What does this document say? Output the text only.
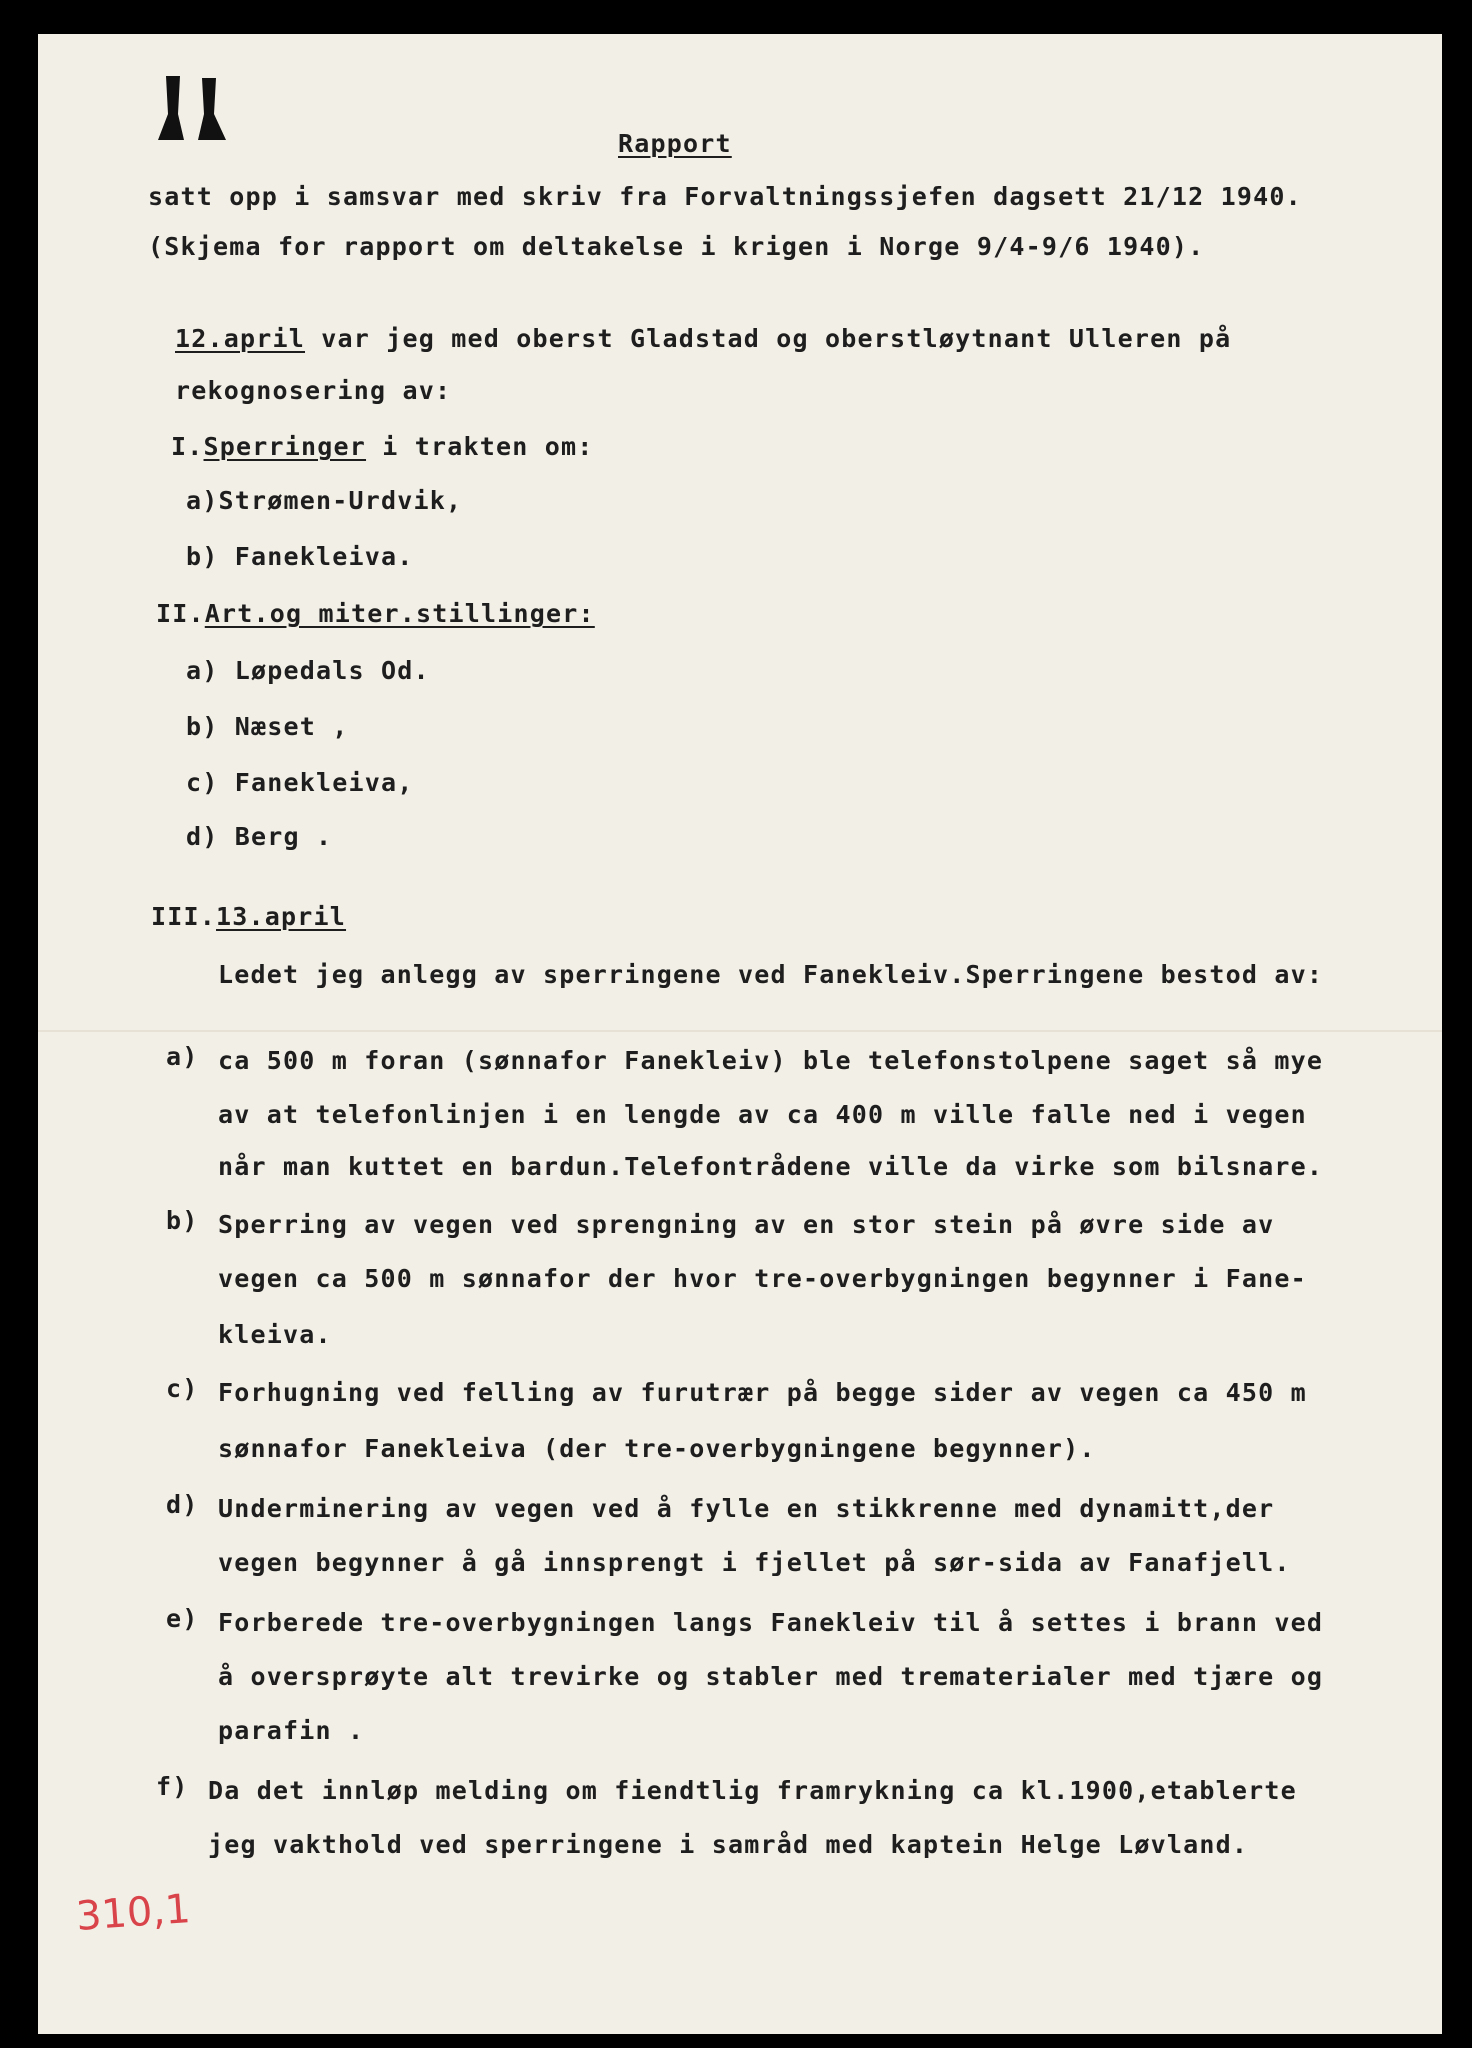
Rapport
satt opp i samsvar med skriv fra Forvaltningssjefen dagsett 21/12 1940.
(Skjema for rapport om deltakelse i krigen i Norge 9/4-9/6 1940).
12.april var jeg med oberst Gladstad og oberstløytnant Ulleren på
rekognosering av:
I.Sperringer i trakten om:
a)Strømen-Urdvik,
b) Fanekleiva.
II.Art.og miter.stillinger:
a) Løpedals Od.
b) Næset ,
c) Fanekleiva,
d) Berg .
III.13.april
Ledet jeg anlegg av sperringene ved Fanekleiv.Sperringene bestod av:
a) ca 500 m foran (sønnafor Fanekleiv) ble telefonstolpene saget så mye
av at telefonlinjen i en lengde av ca 400 m ville falle ned i vegen
når man kuttet en bardun.Telefontrådene ville da virke som bilsnare.
b) Sperring av vegen ved sprengning av en stor stein på øvre side av
vegen ca 500 m sønnafor der hvor tre-overbygningen begynner i Fane-
kleiva.
c) Forhugning ved felling av furutrær på begge sider av vegen ca 450 m
sønnafor Fanekleiva (der tre-overbygningene begynner).
d) Underminering av vegen ved å fylle en stikkrenne med dynamitt,der
vegen begynner å gå innsprengt i fjellet på sør-sida av Fanafjell.
e) Forberede tre-overbygningen langs Fanekleiv til å settes i brann ved
å oversprøyte alt trevirke og stabler med trematerialer med tjære og
parafin .
f) Da det innløp melding om fiendtlig framrykning ca kl.1900,etablerte
jeg vakthold ved sperringene i samråd med kaptein Helge Løvland.
310,1
